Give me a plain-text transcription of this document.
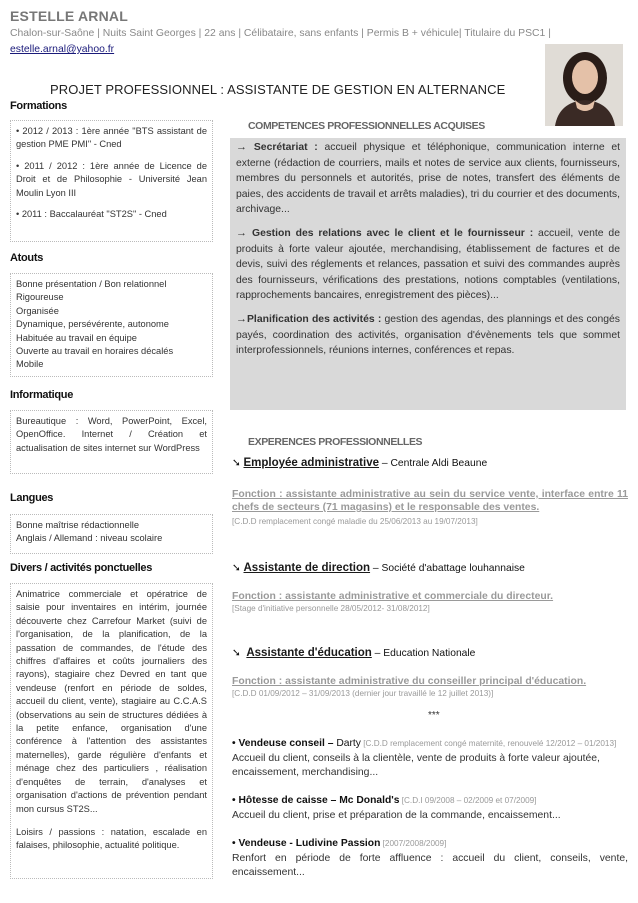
ESTELLE ARNAL
Chalon-sur-Saône | Nuits Saint Georges | 22 ans | Célibataire, sans enfants | Permis B + véhicule| Titulaire du PSC1 |
estelle.arnal@yahoo.fr
PROJET PROFESSIONNEL : ASSISTANTE DE GESTION EN ALTERNANCE
Formations

• 2012 / 2013 : 1ère année "BTS assistant de gestion PME PMI" - Cned

• 2011 / 2012 : 1ère année de Licence de Droit et de Philosophie - Université Jean Moulin Lyon III

• 2011 : Baccalauréat "ST2S" - Cned

Atouts

Bonne présentation / Bon relationnel

Rigoureuse

Organisée

Dynamique, persévérente, autonome

Habituée au travail en équipe

Ouverte au travail en horaires décalés

Mobile

Informatique

Bureautique : Word, PowerPoint, Excel, OpenOffice. Internet / Création et actualisation de sites internet sur WordPress

Langues

Bonne maîtrise rédactionnelle

Anglais / Allemand : niveau scolaire

Divers / activités ponctuelles

Animatrice commerciale et opératrice de saisie pour inventaires en intérim, journée découverte chez Carrefour Market (suivi de l'organisation, de la planification, de la passation de commandes, de l'étude des chiffres d'affaires et coûts journaliers des rayons), stagiaire chez Devred en tant que vendeuse (renfort en période de soldes, accueil du client, vente), stagiaire au C.C.A.S (observations au sein de structures dédiées à la petite enfance, organisation d'une conférence à l'attention des assistantes maternelles), garde régulière d'enfants et ménage chez des particuliers , réalisation d'enquêtes de terrain, d'analyses et organisation d'actions de prévention pendant mon cursus ST2S...

Loisirs / passions : natation, escalade en falaises, philosophie, actualité politique.

COMPETENCES PROFESSIONNELLES ACQUISES

→ Secrétariat : accueil physique et téléphonique, communication interne et externe (rédaction de courriers, mails et notes de service aux clients, fournisseurs, membres du personnels et autorités, prise de notes, transfert des éléments de paies, des accidents de travail et arrêts maladies), tri du courrier et des documents, archivage...

→ Gestion des relations avec le client et le fournisseur : accueil, vente de produits à forte valeur ajoutée, merchandising, établissement de factures et de devis, suivi des réglements et relances, passation et suivi des commandes auprès des fournisseurs, vérifications des prestations, notions comptables (ventilations, rapprochements bancaires, enregistrement des pièces)...

→Planification des activités : gestion des agendas, des plannings et des congés payés, coordination des activités, organisation d'évènements tels que sommet interprofessionnels, réunions internes, conférences et repas.

EXPERENCES PROFESSIONNELLES
➘ Employée administrative – Centrale Aldi Beaune
Fonction : assistante administrative au sein du service vente, interface entre 11 chefs de secteurs (71 magasins) et le responsable des ventes.
[C.D.D remplacement congé maladie du 25/06/2013 au 19/07/2013]
➘ Assistante de direction – Société d'abattage louhannaise
Fonction : assistante administrative et commerciale du directeur.
[Stage d'initiative personnelle 28/05/2012- 31/08/2012]
➘  Assistante d'éducation – Education Nationale
Fonction : assistante administrative du conseiller principal d'éducation.
[C.D.D 01/09/2012 – 31/09/2013 (dernier jour travaillé le 12 juillet 2013)]
***
• Vendeuse conseil – Darty [C.D.D remplacement congé maternité, renouvelé 12/2012 – 01/2013]
Accueil du client, conseils à la clientèle, vente de produits à forte valeur ajoutée, encaissement, merchandising...
• Hôtesse de caisse – Mc Donald's [C.D.I 09/2008 – 02/2009 et 07/2009]
Accueil du client, prise et préparation de la commande, encaissement...
• Vendeuse - Ludivine Passion [2007/2008/2009]
Renfort en période de forte affluence : accueil du client, conseils, vente, encaissement...
